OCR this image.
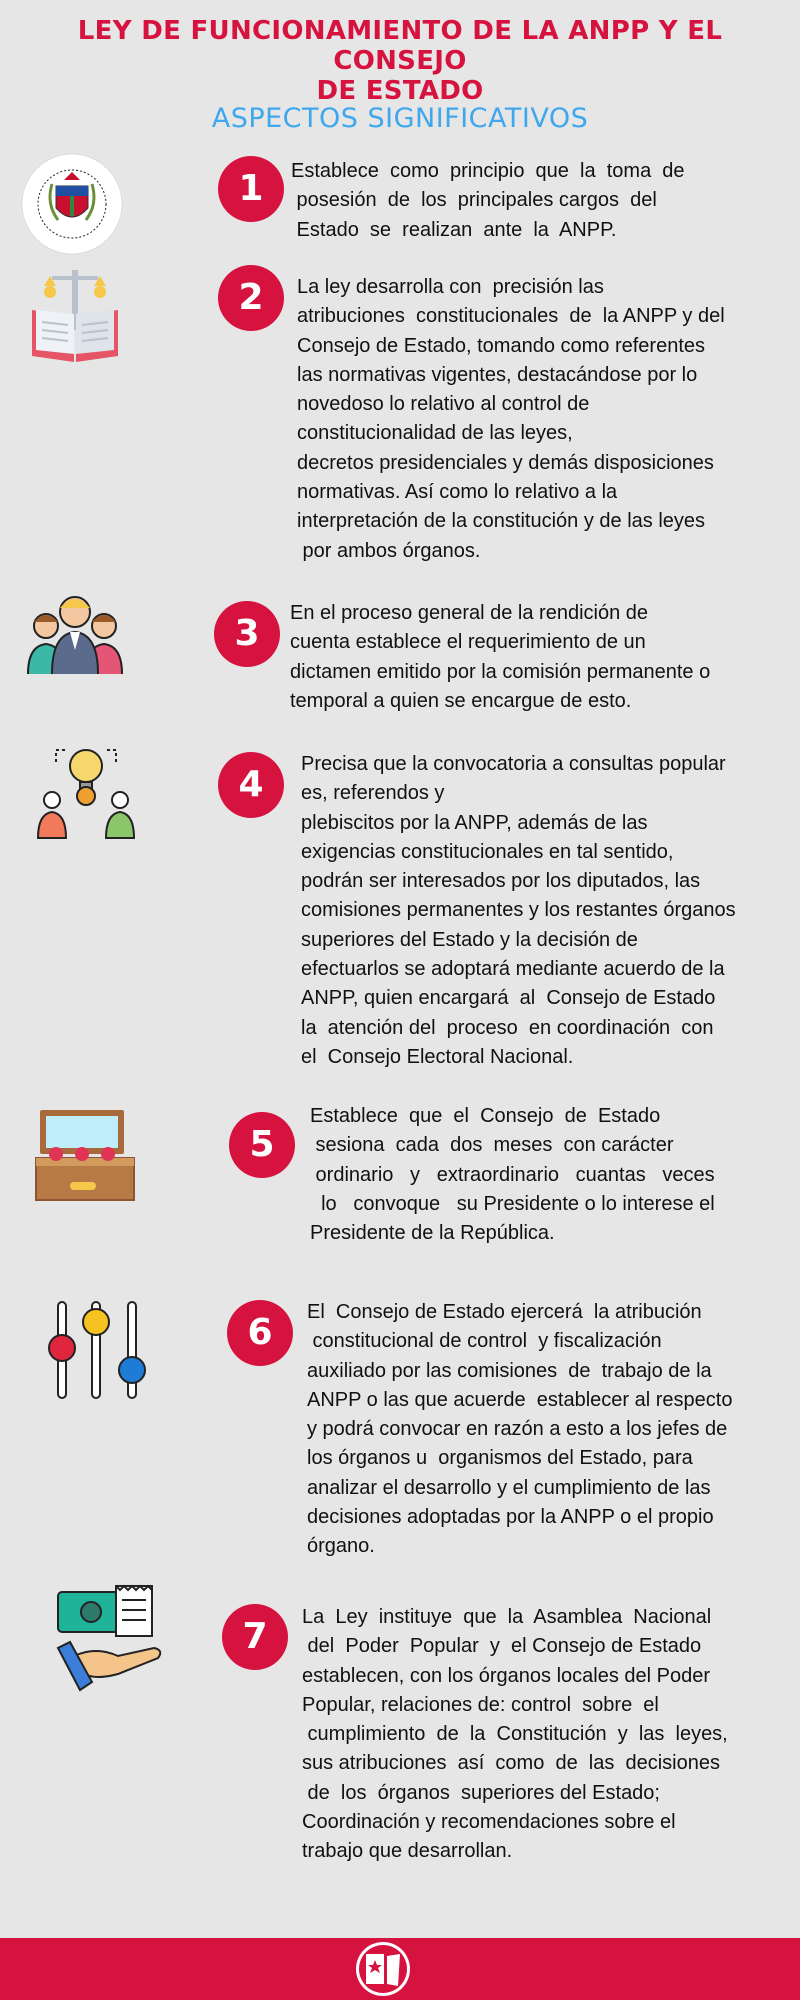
LEY DE FUNCIONAMIENTO DE LA ANPP Y EL CONSEJO
DE ESTADO
ASPECTOS SIGNIFICATIVOS
1	Establece  como  principio  que  la  toma  de
posesión  de  los  principales cargos  del
Estado  se  realizan  ante  la  ANPP.
2	La ley desarrolla con  precisión las
atribuciones  constitucionales  de  la ANPP y del
Consejo de Estado, tomando como referentes
las normativas vigentes, destacándose por lo
novedoso lo relativo al control de
constitucionalidad de las leyes,
decretos presidenciales y demás disposiciones
normativas. Así como lo relativo a la
interpretación de la constitución y de las leyes
por ambos órganos.
3	En el proceso general de la rendición de
cuenta establece el requerimiento de un
dictamen emitido por la comisión permanente o
temporal a quien se encargue de esto.
4	Precisa que la convocatoria a consultas popular
es, referendos y
plebiscitos por la ANPP, además de las
exigencias constitucionales en tal sentido,
podrán ser interesados por los diputados, las
comisiones permanentes y los restantes órganos
superiores del Estado y la decisión de
efectuarlos se adoptará mediante acuerdo de la
ANPP, quien encargará  al  Consejo de Estado
la  atención del  proceso  en coordinación  con
el  Consejo Electoral Nacional.
5
Establece  que  el  Consejo  de  Estado
sesiona  cada  dos  meses  con carácter
ordinario   y   extraordinario   cuantas   veces
lo   convoque   su Presidente o lo interese el
Presidente de la República.
6	El  Consejo de Estado ejercerá  la atribución
constitucional de control  y fiscalización
auxiliado por las comisiones  de  trabajo de la
ANPP o las que acuerde  establecer al respecto
y podrá convocar en razón a esto a los jefes de
los órganos u  organismos del Estado, para
analizar el desarrollo y el cumplimiento de las
decisiones adoptadas por la ANPP o el propio
órgano.
7	La  Ley  instituye  que  la  Asamblea  Nacional
del  Poder  Popular  y  el Consejo de Estado
establecen, con los órganos locales del Poder
Popular, relaciones de: control  sobre  el
cumplimiento  de  la  Constitución  y  las  leyes,
sus atribuciones  así  como  de  las  decisiones
de  los  órganos  superiores del Estado;
Coordinación y recomendaciones sobre el
trabajo que desarrollan.
